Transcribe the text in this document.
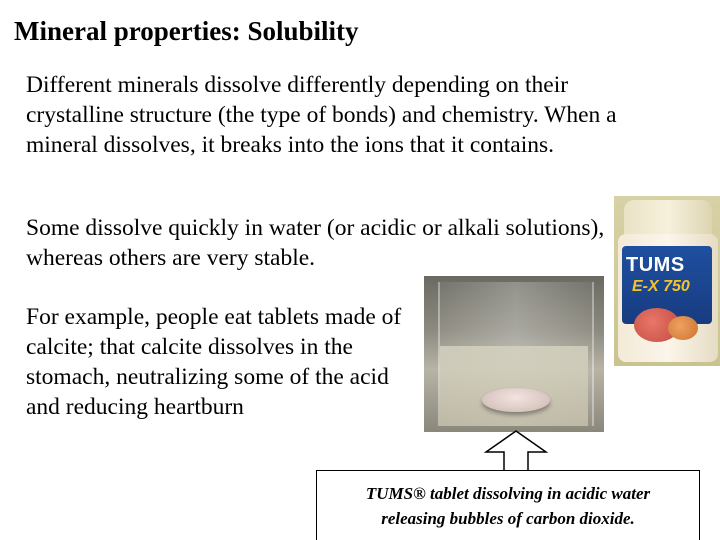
Mineral properties: Solubility

Different minerals dissolve differently depending on their crystalline structure (the type of bonds) and chemistry. When a mineral dissolves, it breaks into the ions that it contains.

Some dissolve quickly in water (or acidic or alkali solutions), whereas others are very stable.

For example, people eat tablets made of calcite; that calcite dissolves in the stomach, neutralizing some of the acid and reducing heartburn

TUMS
E-X 750
TUMS® tablet dissolving in acidic water
releasing bubbles of carbon dioxide.
